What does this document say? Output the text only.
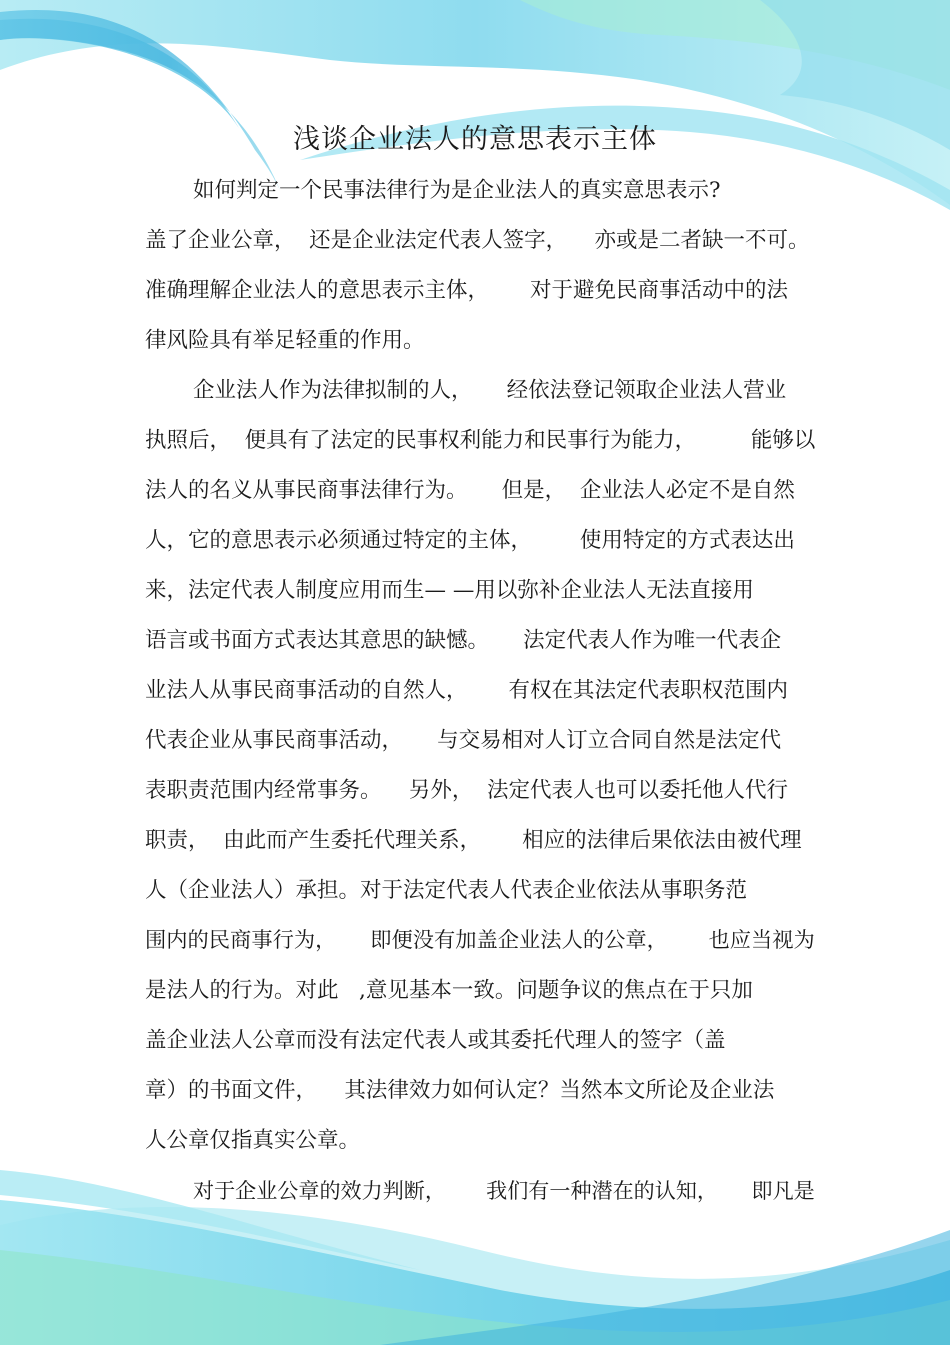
浅谈企业法人的意思表示主体
如何判定一个民事法律行为是企业法人的真实意思表示?
盖了企业公章，  还是企业法定代表人签字，    亦或是二者缺一不可。
准确理解企业法人的意思表示主体，      对于避免民商事活动中的法
律风险具有举足轻重的作用。
企业法人作为法律拟制的人，     经依法登记领取企业法人营业
执照后，  便具有了法定的民事权利能力和民事行为能力，        能够以
法人的名义从事民商事法律行为。     但是，  企业法人必定不是自然
人，它的意思表示必须通过特定的主体，       使用特定的方式表达出
来，法定代表人制度应用而生— —用以弥补企业法人无法直接用
语言或书面方式表达其意思的缺憾。     法定代表人作为唯一代表企
业法人从事民商事活动的自然人，      有权在其法定代表职权范围内
代表企业从事民商事活动，     与交易相对人订立合同自然是法定代
表职责范围内经常事务。    另外，  法定代表人也可以委托他人代行
职责，  由此而产生委托代理关系，      相应的法律后果依法由被代理
人（企业法人）承担。对于法定代表人代表企业依法从事职务范
围内的民商事行为，     即便没有加盖企业法人的公章，      也应当视为
是法人的行为。对此   ,意见基本一致。问题争议的焦点在于只加
盖企业法人公章而没有法定代表人或其委托代理人的签字（盖
章）的书面文件，    其法律效力如何认定？当然本文所论及企业法
人公章仅指真实公章。
对于企业公章的效力判断，      我们有一种潜在的认知，     即凡是
